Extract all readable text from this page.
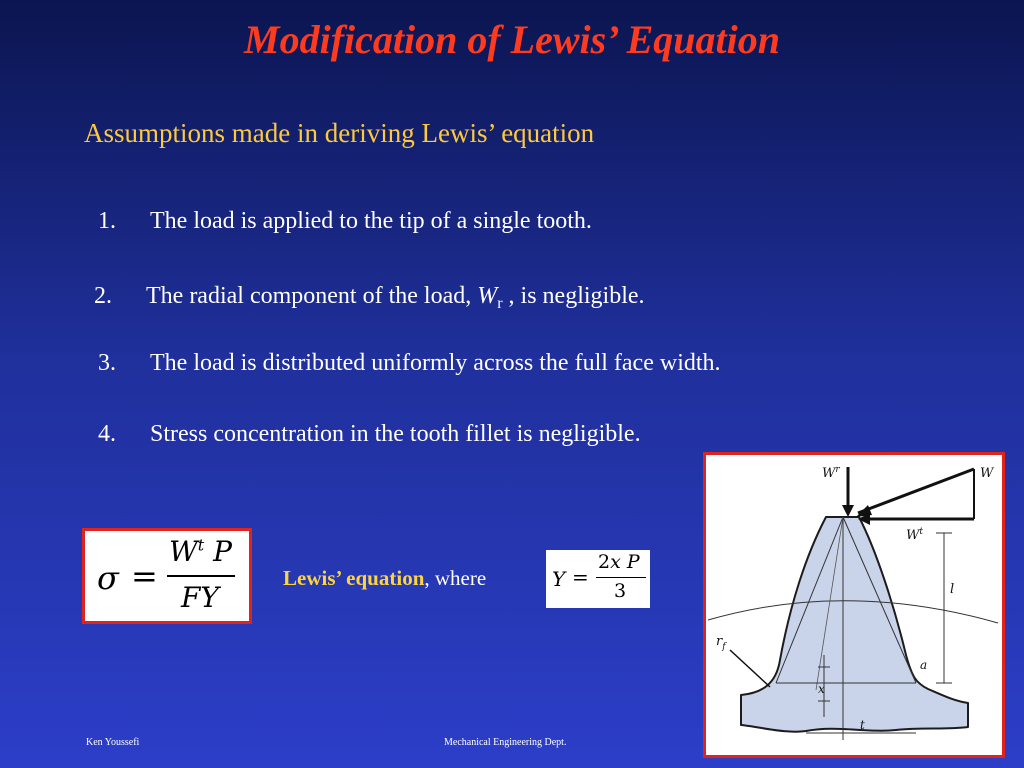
Modification of Lewis’ Equation
Assumptions made in deriving Lewis’ equation
1. The load is applied to the tip of a single tooth.
2. The radial component of the load, $W_r$ , is negligible.
3. The load is distributed uniformly across the full face width.
4. Stress concentration in the tooth fillet is negligible.
σ =
$W^t$ P
FY
Lewis’ equation, where	Y =
2x P
3
$W^r$	W
$W^t$
l
$r_f$
a
x
t
Ken Youssefi	Mechanical Engineering Dept.
